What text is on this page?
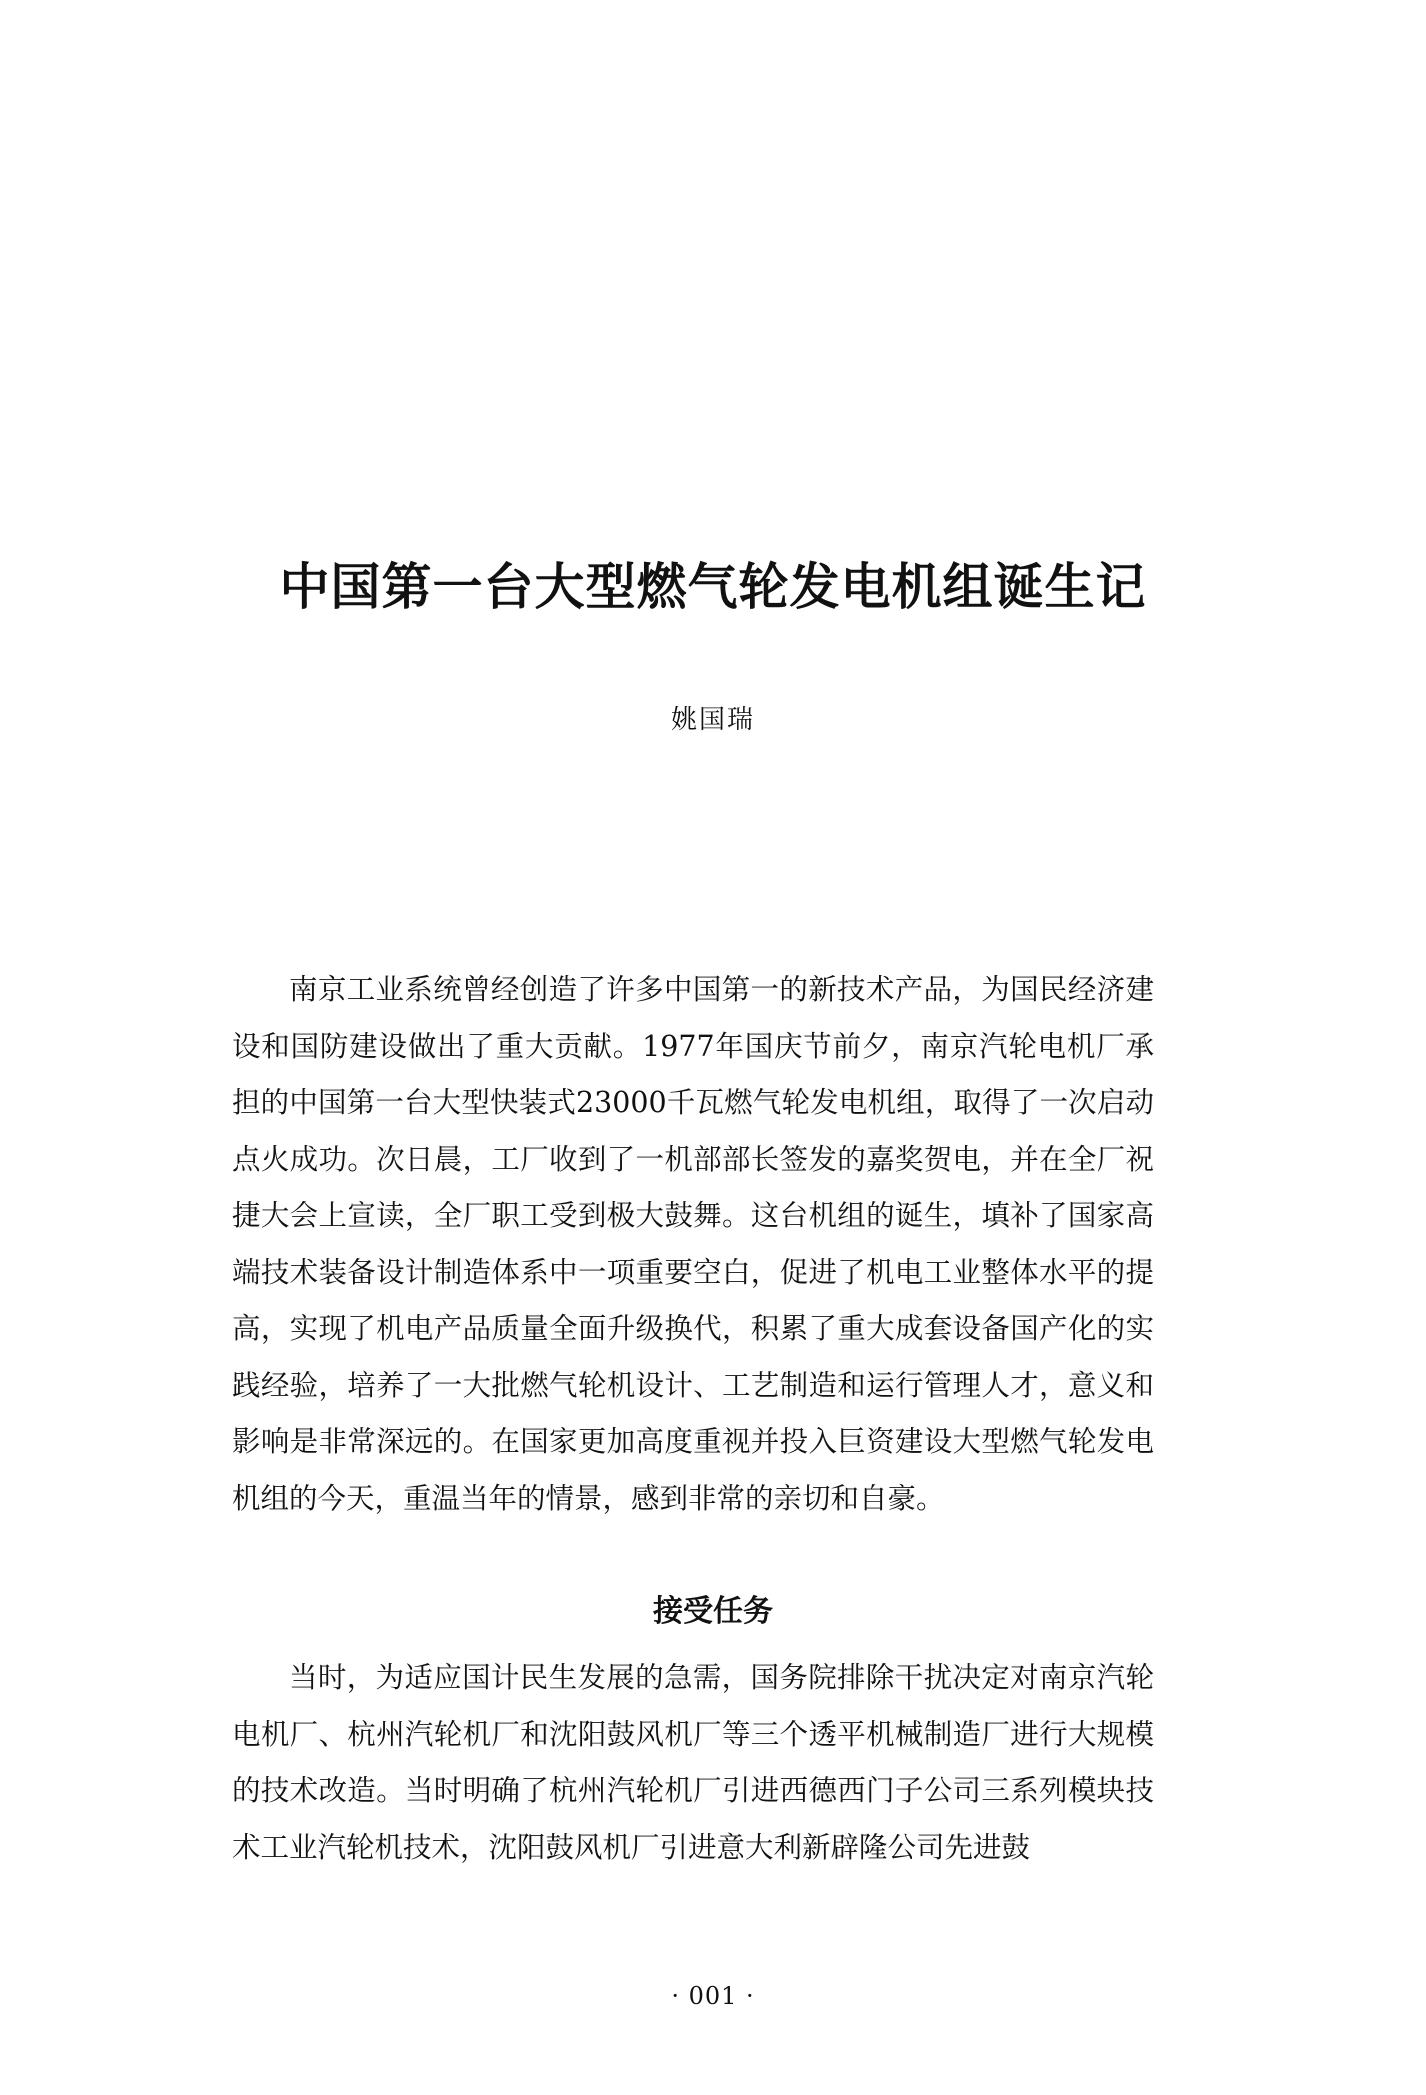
中国第一台大型燃气轮发电机组诞生记
姚国瑞

南京工业系统曾经创造了许多中国第一的新技术产品，为国民经济建设和国防建设做出了重大贡献。1977年国庆节前夕，南京汽轮电机厂承担的中国第一台大型快装式23000千瓦燃气轮发电机组，取得了一次启动点火成功。次日晨，工厂收到了一机部部长签发的嘉奖贺电，并在全厂祝捷大会上宣读，全厂职工受到极大鼓舞。这台机组的诞生，填补了国家高端技术装备设计制造体系中一项重要空白，促进了机电工业整体水平的提高，实现了机电产品质量全面升级换代，积累了重大成套设备国产化的实践经验，培养了一大批燃气轮机设计、工艺制造和运行管理人才，意义和影响是非常深远的。在国家更加高度重视并投入巨资建设大型燃气轮发电机组的今天，重温当年的情景，感到非常的亲切和自豪。

接受任务

当时，为适应国计民生发展的急需，国务院排除干扰决定对南京汽轮电机厂、杭州汽轮机厂和沈阳鼓风机厂等三个透平机械制造厂进行大规模的技术改造。当时明确了杭州汽轮机厂引进西德西门子公司三系列模块技术工业汽轮机技术，沈阳鼓风机厂引进意大利新辟隆公司先进鼓

· 001 ·
